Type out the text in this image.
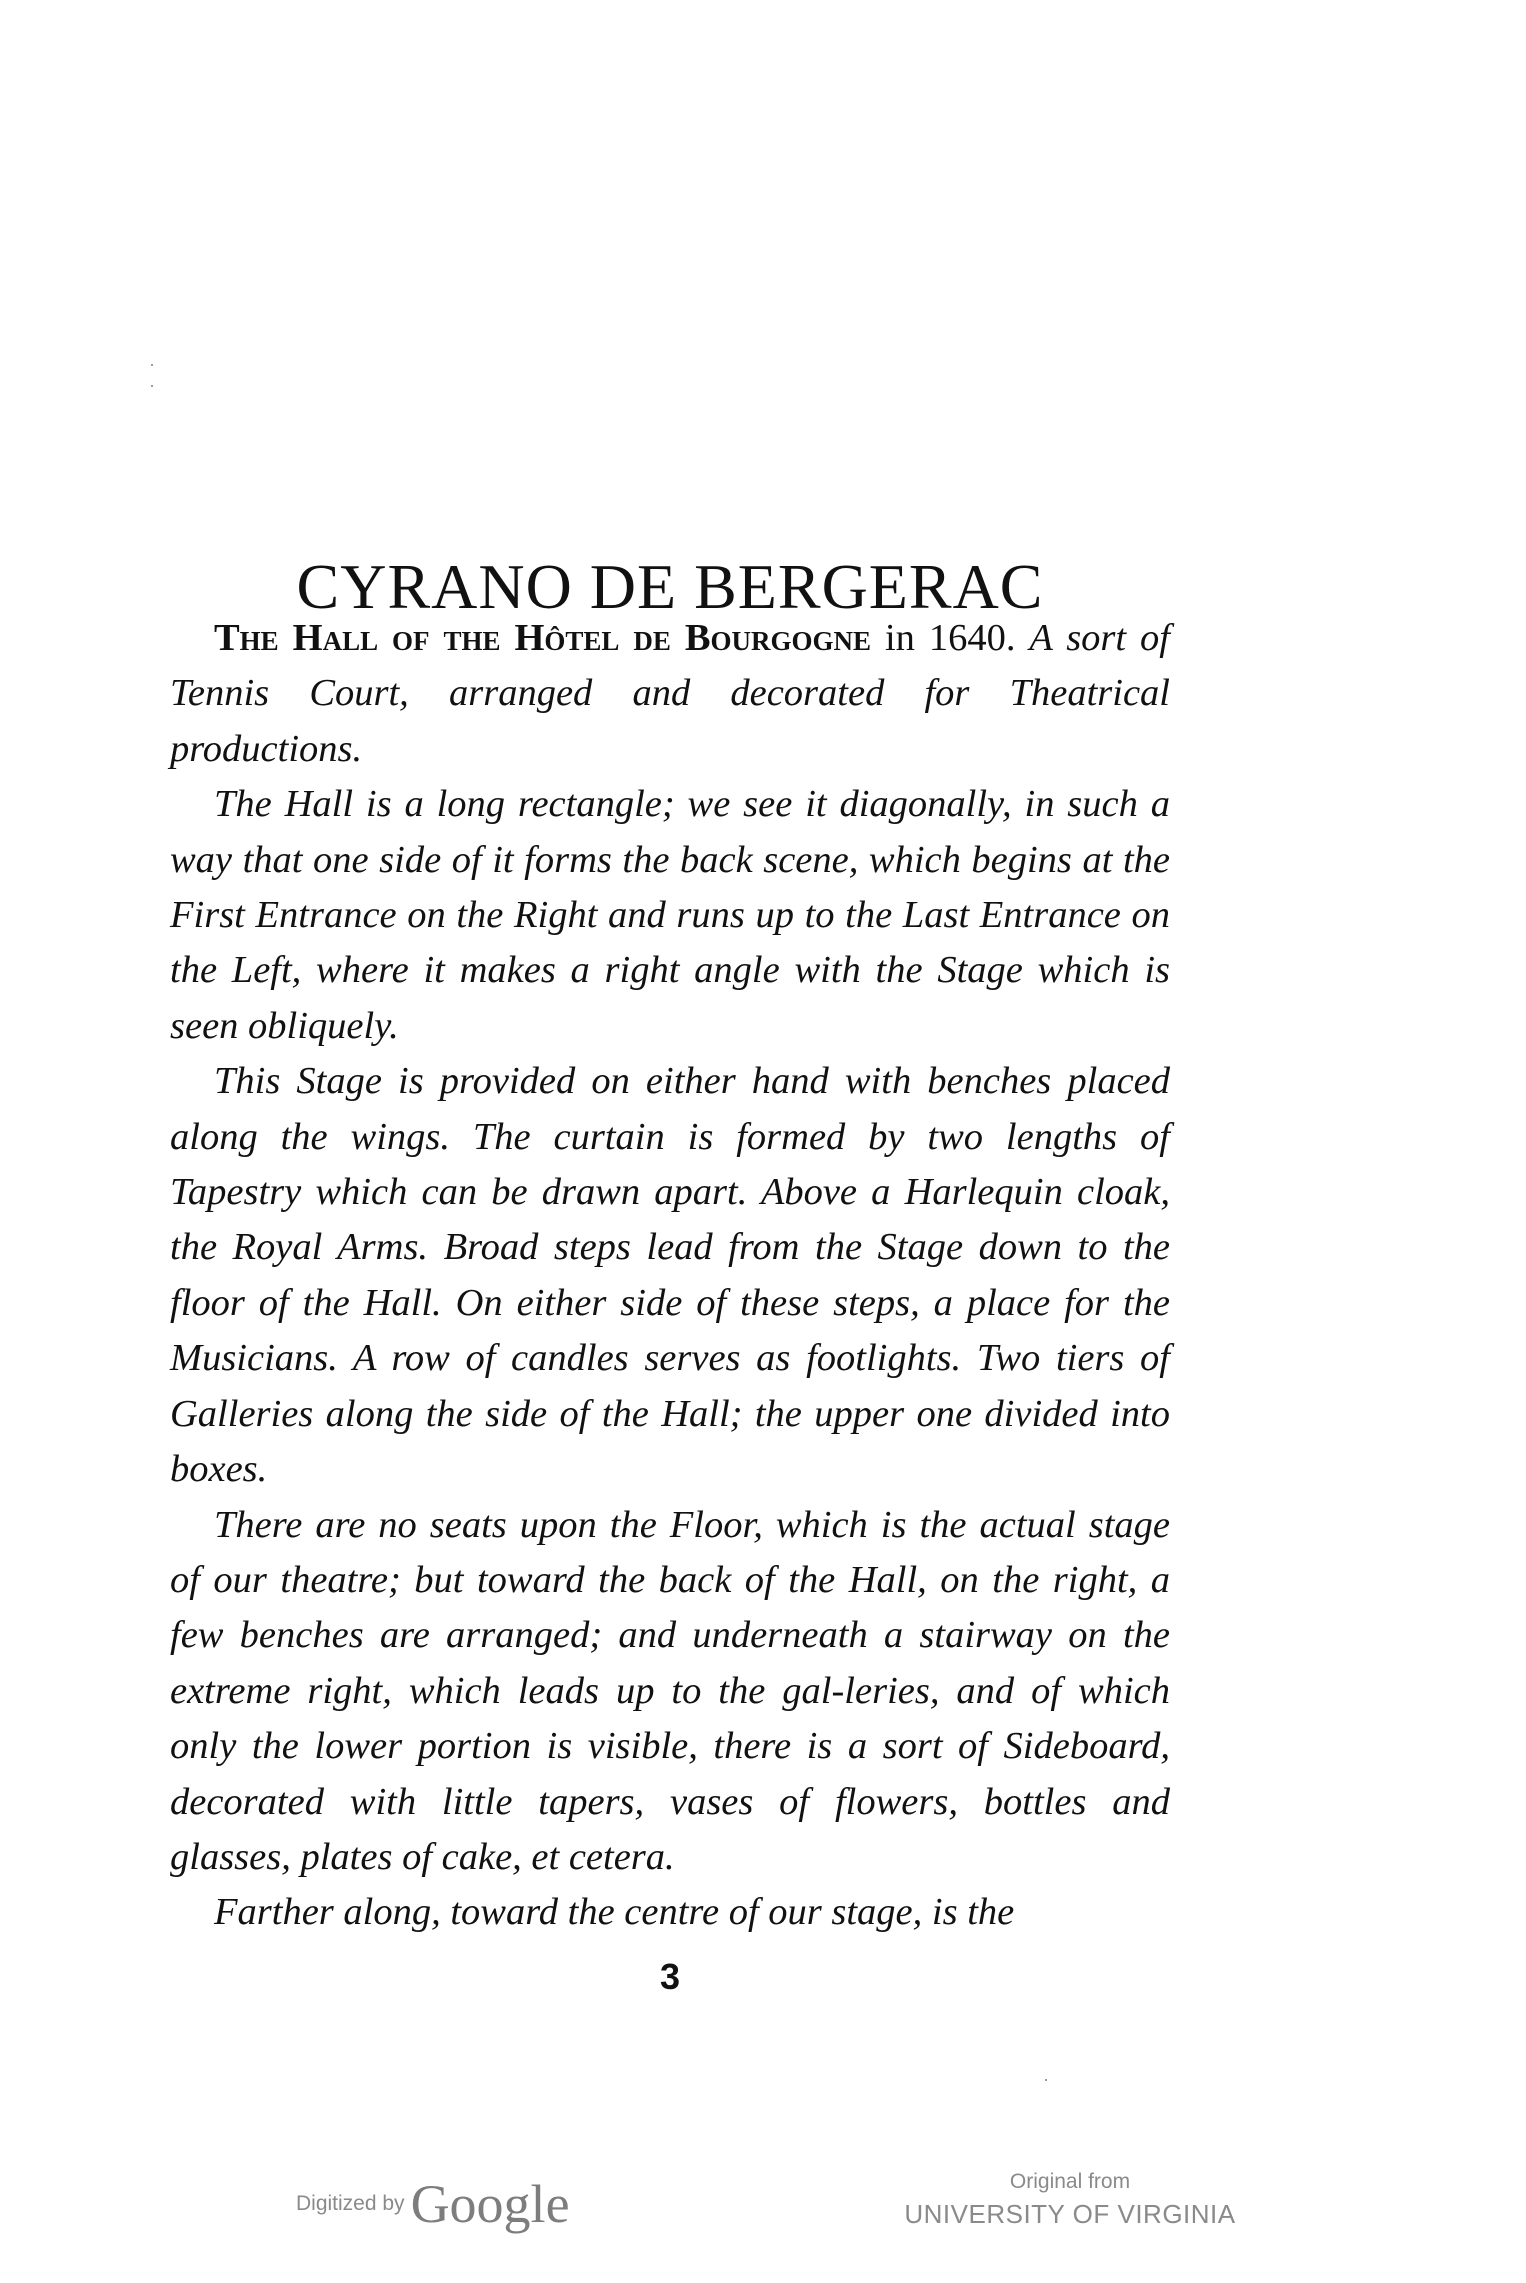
CYRANO DE BERGERAC

The Hall of the Hôtel de Bourgogne in 1640. A sort of Tennis Court, arranged and decorated for Theatrical productions.

The Hall is a long rectangle; we see it diagonally, in such a way that one side of it forms the back scene, which begins at the First Entrance on the Right and runs up to the Last Entrance on the Left, where it makes a right angle with the Stage which is seen obliquely.

This Stage is provided on either hand with benches placed along the wings. The curtain is formed by two lengths of Tapestry which can be drawn apart. Above a Harlequin cloak, the Royal Arms. Broad steps lead from the Stage down to the floor of the Hall. On either side of these steps, a place for the Musicians. A row of candles serves as footlights. Two tiers of Galleries along the side of the Hall; the upper one divided into boxes.

There are no seats upon the Floor, which is the actual stage of our theatre; but toward the back of the Hall, on the right, a few benches are arranged; and underneath a stairway on the extreme right, which leads up to the gal-leries, and of which only the lower portion is visible, there is a sort of Sideboard, decorated with little tapers, vases of flowers, bottles and glasses, plates of cake, et cetera.

Farther along, toward the centre of our stage, is the

3
Digitized by Google	Original from
UNIVERSITY OF VIRGINIA
